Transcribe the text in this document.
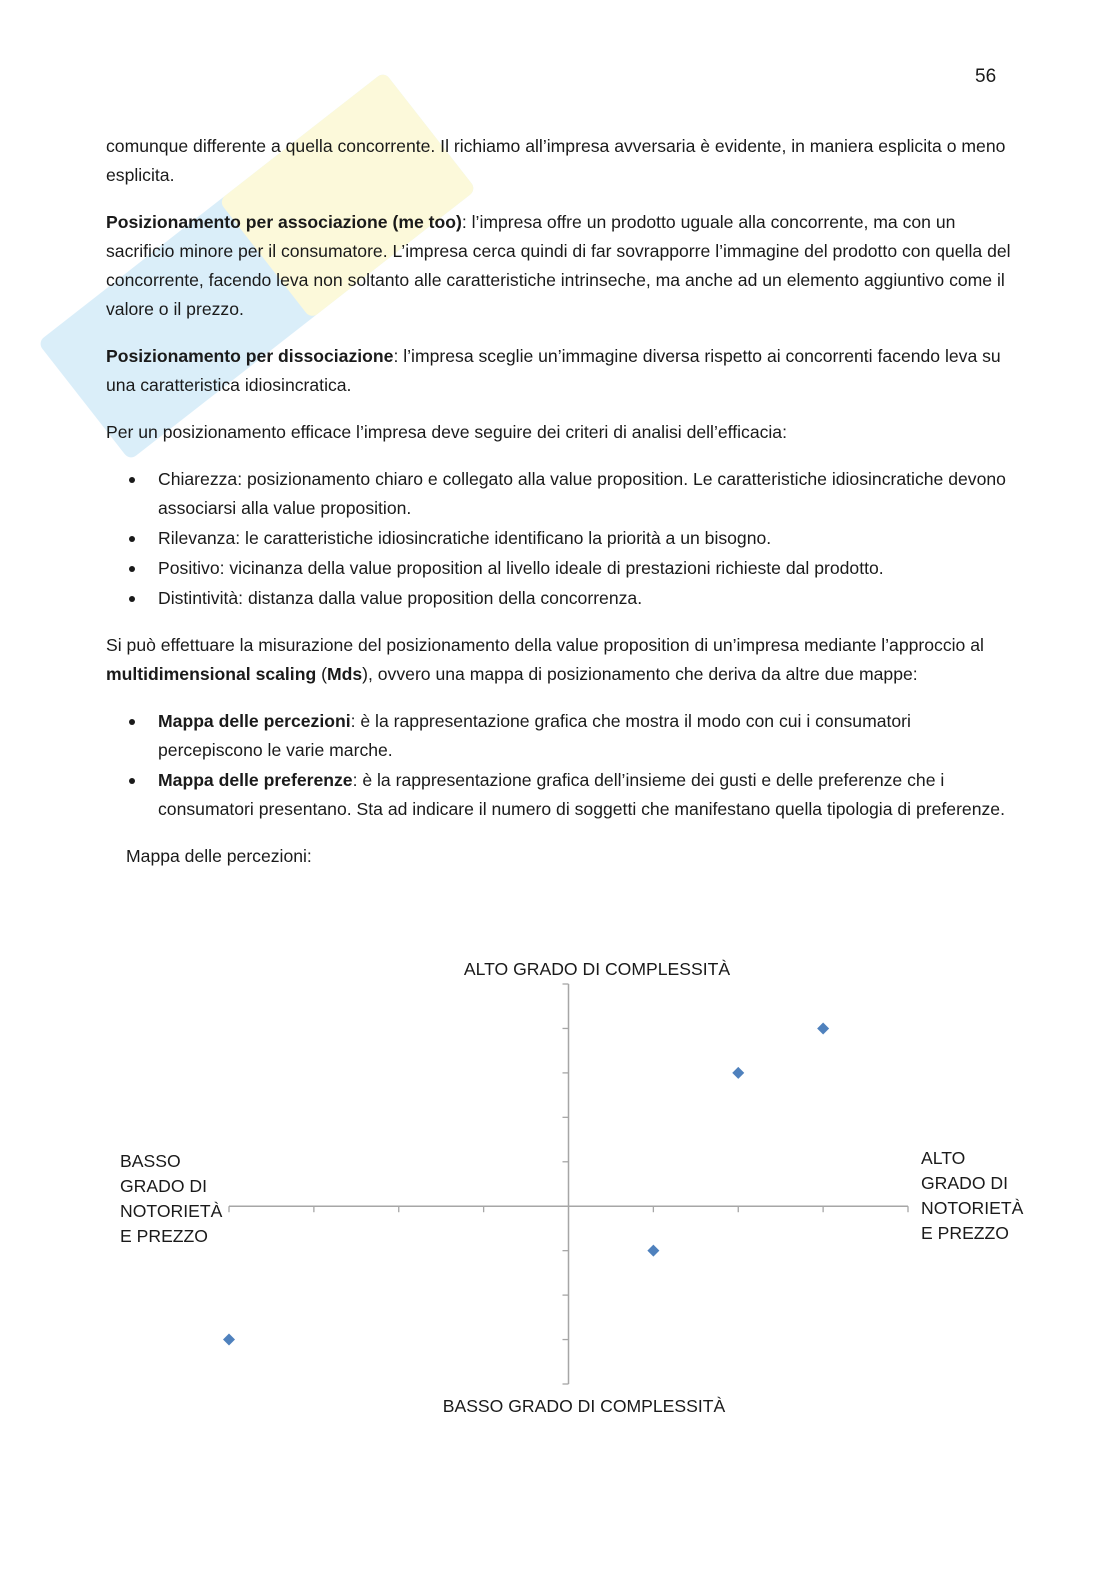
56

comunque differente a quella concorrente. Il richiamo all’impresa avversaria è evidente, in maniera esplicita o meno esplicita.

Posizionamento per associazione (me too): l’impresa offre un prodotto uguale alla concorrente, ma con un sacrificio minore per il consumatore. L’impresa cerca quindi di far sovrapporre l’immagine del prodotto con quella del concorrente, facendo leva non soltanto alle caratteristiche intrinseche, ma anche ad un elemento aggiuntivo come il valore o il prezzo.

Posizionamento per dissociazione: l’impresa sceglie un’immagine diversa rispetto ai concorrenti facendo leva su una caratteristica idiosincratica.

Per un posizionamento efficace l’impresa deve seguire dei criteri di analisi dell’efficacia:

Chiarezza: posizionamento chiaro e collegato alla value proposition. Le caratteristiche idiosincratiche devono associarsi alla value proposition.
Rilevanza: le caratteristiche idiosincratiche identificano la priorità a un bisogno.
Positivo: vicinanza della value proposition al livello ideale di prestazioni richieste dal prodotto.
Distintività: distanza dalla value proposition della concorrenza.

Si può effettuare la misurazione del posizionamento della value proposition di un’impresa mediante l’approccio al multidimensional scaling (Mds), ovvero una mappa di posizionamento che deriva da altre due mappe:

Mappa delle percezioni: è la rappresentazione grafica che mostra il modo con cui i consumatori percepiscono le varie marche.
Mappa delle preferenze: è la rappresentazione grafica dell’insieme dei gusti e delle preferenze che i consumatori presentano. Sta ad indicare il numero di soggetti che manifestano quella tipologia di preferenze.

Mappa delle percezioni:

ALTO GRADO DI COMPLESSITÀ
BASSO GRADO DI COMPLESSITÀ
BASSO GRADO DI NOTORIETÀ E PREZZO
ALTO GRADO DI NOTORIETÀ E PREZZO
